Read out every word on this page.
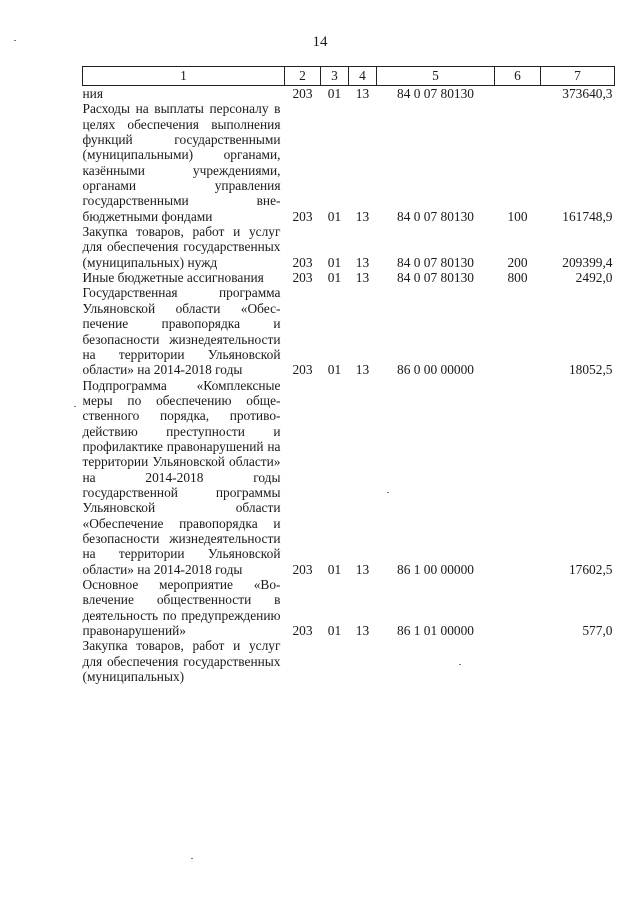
14
1	2	3	4	5	6	7
ния	203	01	13	84 0 07 80130		373640,3
Расходы на выплаты персоналу в целях обеспечения выполнения функций государственными (муниципальными) органами, казёнными учреждениями, органами управления государственными внебюджетными фондами	203	01	13	84 0 07 80130	100	161748,9
Закупка товаров, работ и услуг для обеспечения государственных (муниципальных) нужд	203	01	13	84 0 07 80130	200	209399,4
Иные бюджетные ассигнования	203	01	13	84 0 07 80130	800	2492,0
Государственная программа Ульяновской области «Обеспечение правопорядка и безопасности жизнедеятельности на территории Ульяновской области» на 2014-2018 годы	203	01	13	86 0 00 00000		18052,5
Подпрограмма «Комплексные меры по обеспечению общественного порядка, противодействию преступности и профилактике правонарушений на территории Ульяновской области» на 2014-2018 годы государственной программы Ульяновской области «Обеспечение правопорядка и безопасности жизнедеятельности на территории Ульяновской области» на 2014-2018 годы	203	01	13	86 1 00 00000		17602,5
Основное мероприятие «Вовлечение общественности в деятельность по предупреждению правонарушений»	203	01	13	86 1 01 00000		577,0
Закупка товаров, работ и услуг для обеспечения государственных (муниципальных)						
